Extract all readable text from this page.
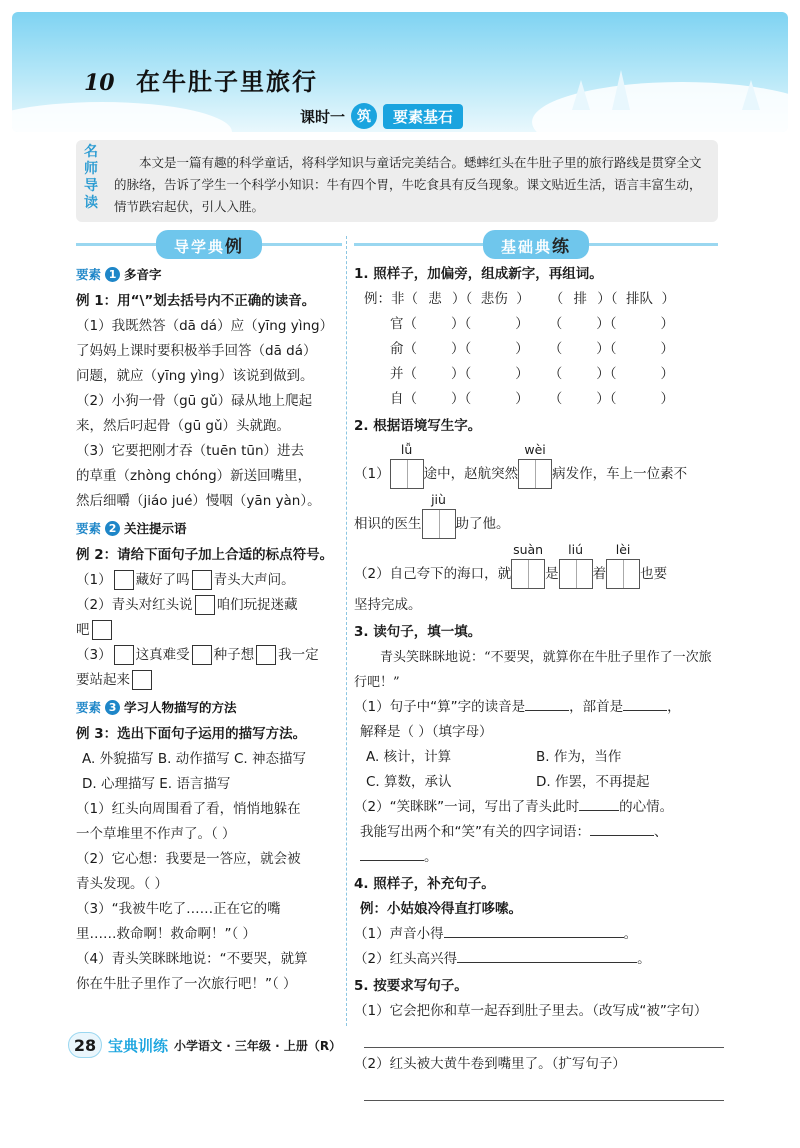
10 在牛肚子里旅行
课时一 筑	要素基石
名
师
导
读
本文是一篇有趣的科学童话，将科学知识与童话完美结合。蟋蟀红头在牛肚子里的旅行路线是贯穿全文的脉络，告诉了学生一个科学小知识：牛有四个胃，牛吃食具有反刍现象。课文贴近生活，语言丰富生动，情节跌宕起伏，引人入胜。
导学典例	基础典练
要素 1 多音字
例 1：用“\”划去括号内不正确的读音。
（1）我既然答（dā dá）应（yīng yìng）
了妈妈上课时要积极举手回答（dā dá）
问题，就应（yīng yìng）该说到做到。
（2）小狗一骨（gū gǔ）碌从地上爬起
来，然后叼起骨（gū gǔ）头就跑。
（3）它要把刚才吞（tuēn tūn）进去
的草重（zhòng chóng）新送回嘴里，
然后细嚼（jiáo jué）慢咽（yān yàn）。
要素 2 关注提示语
例 2：请给下面句子加上合适的标点符号。
（1） 藏好了吗 青头大声问。
（2）青头对红头说 咱们玩捉迷藏
吧
（3） 这真难受 种子想 我一定
要站起来
要素 3 学习人物描写的方法
例 3：选出下面句子运用的描写方法。
A. 外貌描写 B. 动作描写 C. 神态描写
D. 心理描写 E. 语言描写
（1）红头向周围看了看，悄悄地躲在
一个草堆里不作声了。（ ）
（2）它心想：我要是一答应，就会被
青头发现。（ ）
（3）“我被牛吃了……正在它的嘴
里……救命啊！救命啊！”（ ）
（4）青头笑眯眯地说：“不要哭，就算
你在牛肚子里作了一次旅行吧！”（ ）
1. 照样子，加偏旁，组成新字，再组词。
例：非（ 悲 ）（ 悲伤 ） （ 排 ）（ 排队 ）
官（	）（	） （	）（	）
俞（	）（	） （	）（	）
并（	）（	） （	）（	）
自（	）（	） （	）（	）
2. 根据语境写生字。
（1）
lǚ
途中，赵航突然
wèi
病发作，车上一位素不
相识的医生
jiù
助了他。
（2）自己夸下的海口，就
suàn
是
liú
着
lèi
也要
坚持完成。
3. 读句子，填一填。
青头笑眯眯地说：“不要哭，就算你在牛肚子里作了一次旅行吧！”
（1）句子中“算”字的读音是	，部首是	，
解释是（ ）（填字母）
A. 核计，计算	B. 作为，当作
C. 算数，承认	D. 作罢，不再提起
（2）“笑眯眯”一词，写出了青头此时	的心情。
我能写出两个和“笑”有关的四字词语：	、
。
4. 照样子，补充句子。
例：小姑娘冷得直打哆嗦。
（1）声音小得	。
（2）红头高兴得	。
5. 按要求写句子。
（1）它会把你和草一起吞到肚子里去。（改写成“被”字句）
（2）红头被大黄牛卷到嘴里了。（扩写句子）
28 宝典训练 小学语文 · 三年级 · 上册（R）
